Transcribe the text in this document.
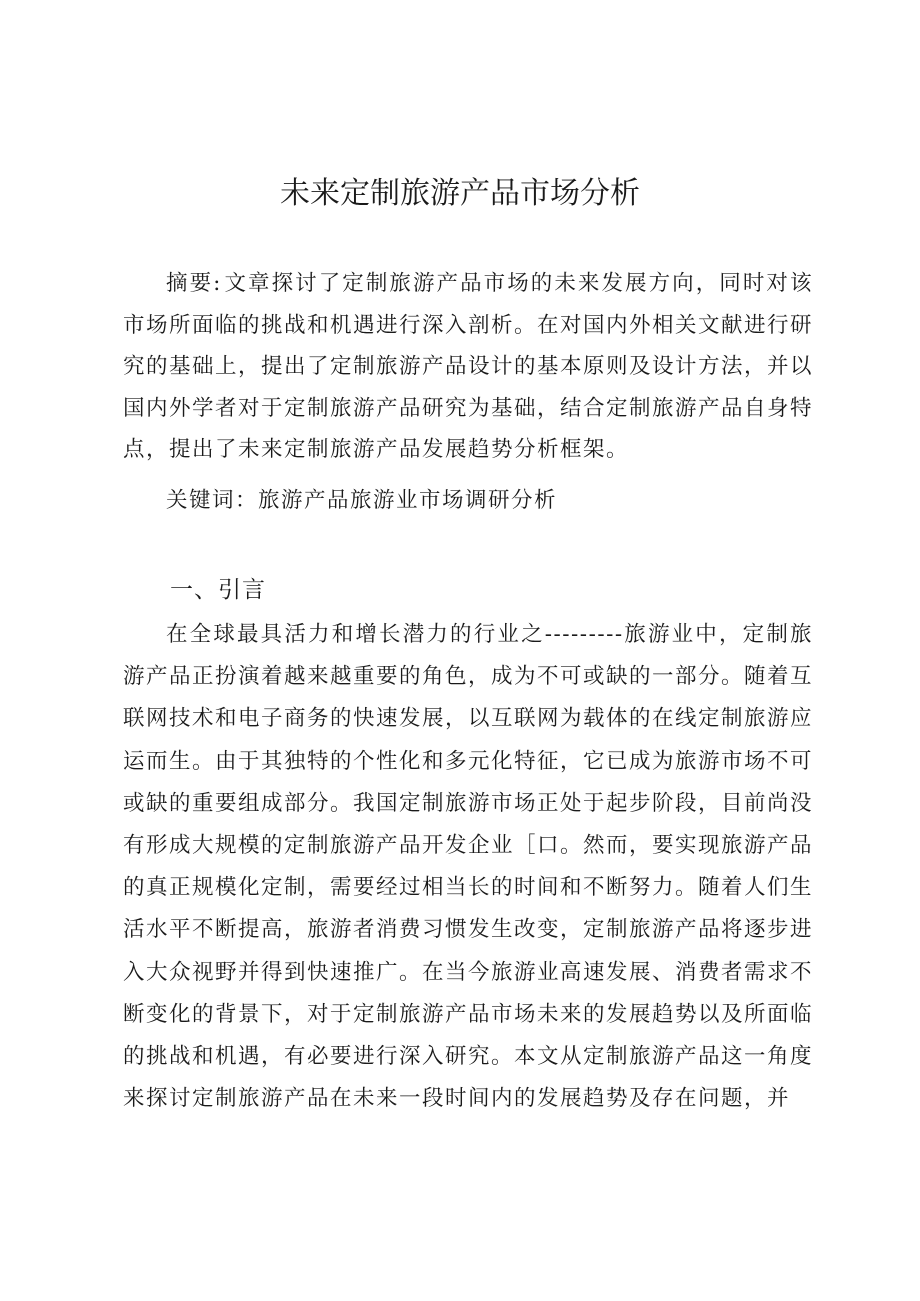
未来定制旅游产品市场分析
摘要:文章探讨了定制旅游产品市场的未来发展方向，同时对该市场所面临的挑战和机遇进行深入剖析。在对国内外相关文献进行研究的基础上，提出了定制旅游产品设计的基本原则及设计方法，并以国内外学者对于定制旅游产品研究为基础，结合定制旅游产品自身特点，提出了未来定制旅游产品发展趋势分析框架。
关键词：旅游产品旅游业市场调研分析
一、引言
在全球最具活力和增长潜力的行业之---------旅游业中，定制旅游产品正扮演着越来越重要的角色，成为不可或缺的一部分。随着互联网技术和电子商务的快速发展，以互联网为载体的在线定制旅游应运而生。由于其独特的个性化和多元化特征，它已成为旅游市场不可或缺的重要组成部分。我国定制旅游市场正处于起步阶段，目前尚没有形成大规模的定制旅游产品开发企业［口。然而，要实现旅游产品的真正规模化定制，需要经过相当长的时间和不断努力。随着人们生活水平不断提高，旅游者消费习惯发生改变，定制旅游产品将逐步进入大众视野并得到快速推广。在当今旅游业高速发展、消费者需求不断变化的背景下，对于定制旅游产品市场未来的发展趋势以及所面临的挑战和机遇，有必要进行深入研究。本文从定制旅游产品这一角度来探讨定制旅游产品在未来一段时间内的发展趋势及存在问题，并
